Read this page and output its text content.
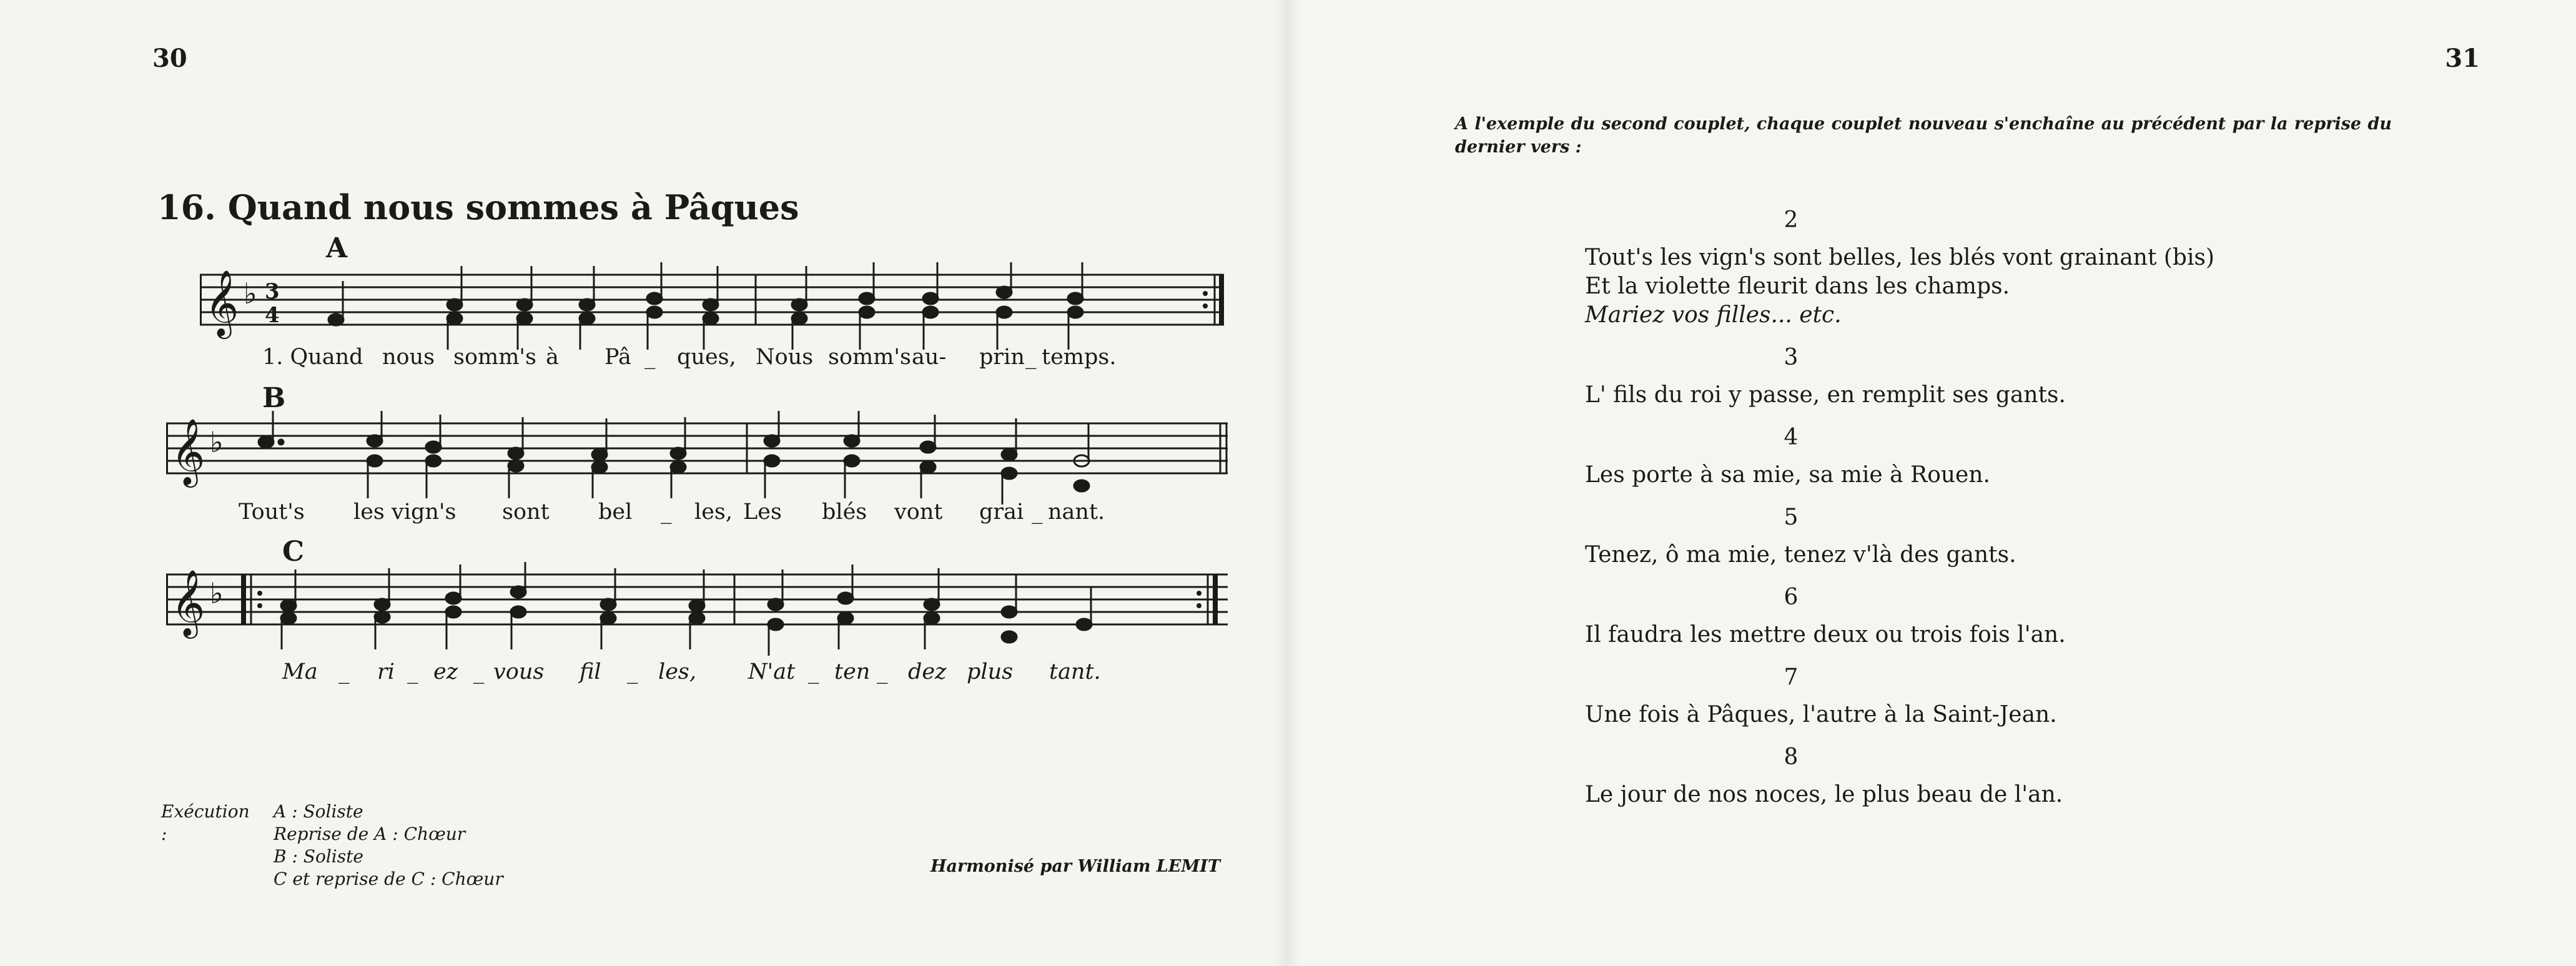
30
16. Quand nous sommes à Pâques
A
𝄞 ♭ 3
4
1. Quand nous somm's à Pâ _ ques, Nous somm's au- prin _ temps.
B
𝄞 ♭
Tout's les vign's sont bel _ les, Les blés vont grai _ nant.
C
𝄞 ♭
Ma _ ri _ ez _ vous fil _ les, N'at _ ten _ dez plus tant.
Exécution :
A : Soliste
Reprise de A : Chœur
B : Soliste
C et reprise de C : Chœur
Harmonisé par William LEMIT
31
A l'exemple du second couplet, chaque couplet nouveau s'enchaîne au précédent par la reprise du dernier vers :
2
Tout's les vign's sont belles, les blés vont grainant (bis)
Et la violette fleurit dans les champs.
Mariez vos filles... etc.
3
L' fils du roi y passe, en remplit ses gants.
4
Les porte à sa mie, sa mie à Rouen.
5
Tenez, ô ma mie, tenez v'là des gants.
6
Il faudra les mettre deux ou trois fois l'an.
7
Une fois à Pâques, l'autre à la Saint-Jean.
8
Le jour de nos noces, le plus beau de l'an.
